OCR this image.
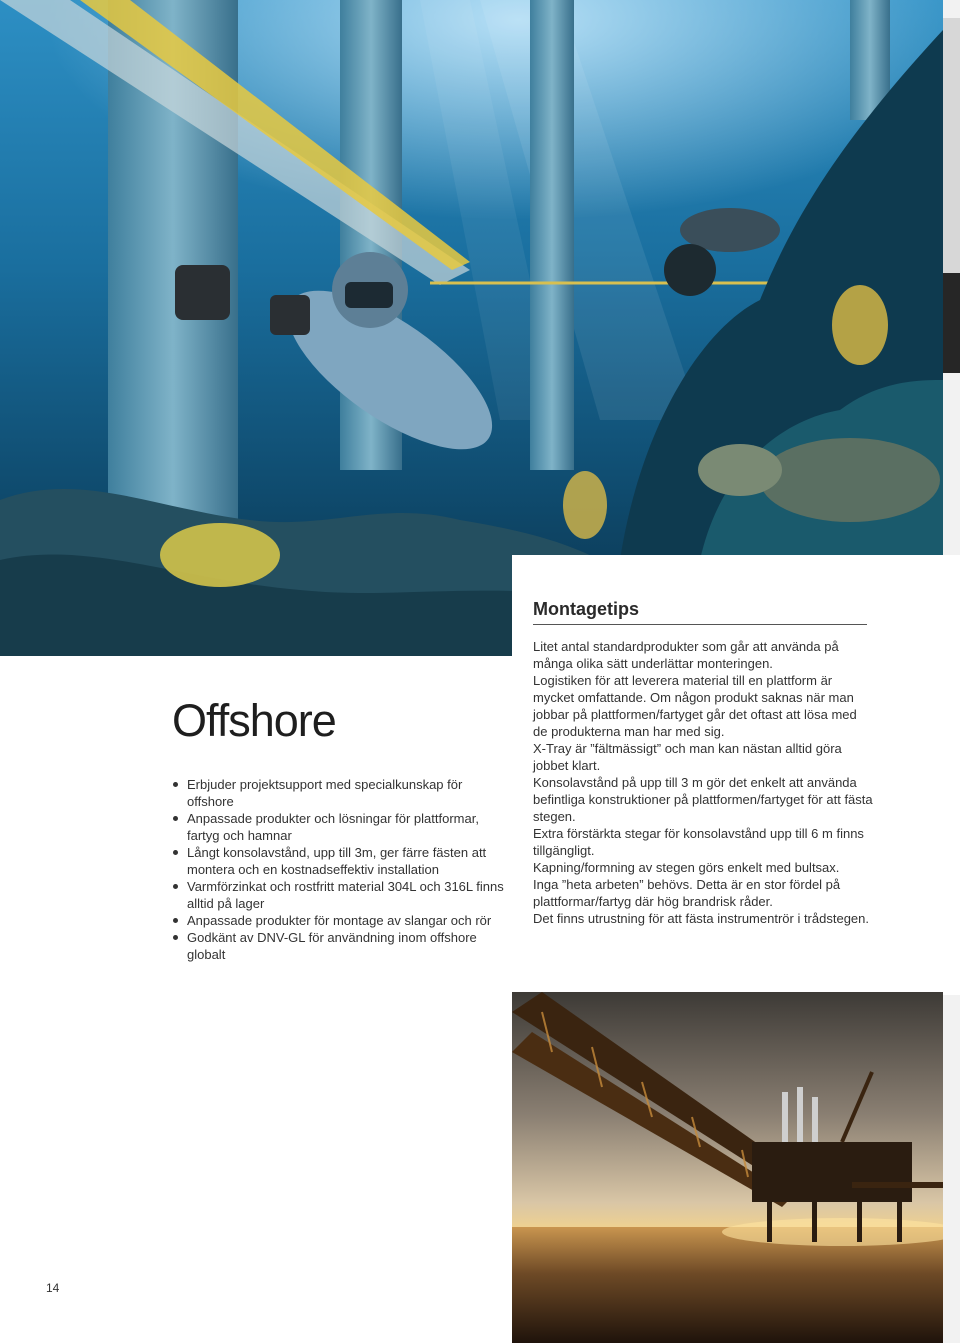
Montagetips

Litet antal standardprodukter som går att använda på många olika sätt underlättar monteringen.

Logistiken för att leverera material till en plattform är mycket omfattande. Om någon produkt saknas när man jobbar på plattformen/fartyget går det oftast att lösa med de produkterna man har med sig.

X-Tray är ”fältmässigt” och man kan nästan alltid göra jobbet klart.

Konsolavstånd på upp till 3 m gör det enkelt att använda befintliga konstruktioner på plattformen/fartyget för att fästa stegen.

Extra förstärkta stegar för konsolavstånd upp till 6 m finns tillgängligt.

Kapning/formning av stegen görs enkelt med bultsax.

Inga ”heta arbeten” behövs. Detta är en stor fördel på plattformar/fartyg där hög brandrisk råder.

Det finns utrustning för att fästa instrumentrör i trådstegen.

Offshore
Erbjuder projektsupport med specialkunskap för offshore
Anpassade produkter och lösningar för plattformar, fartyg och hamnar
Långt konsolavstånd, upp till 3m, ger färre fästen att montera och en kostnadseffektiv installation
Varmförzinkat och rostfritt material 304L och 316L finns alltid på lager
Anpassade produkter för montage av slangar och rör
Godkänt av DNV-GL för användning inom offshore globalt
14
